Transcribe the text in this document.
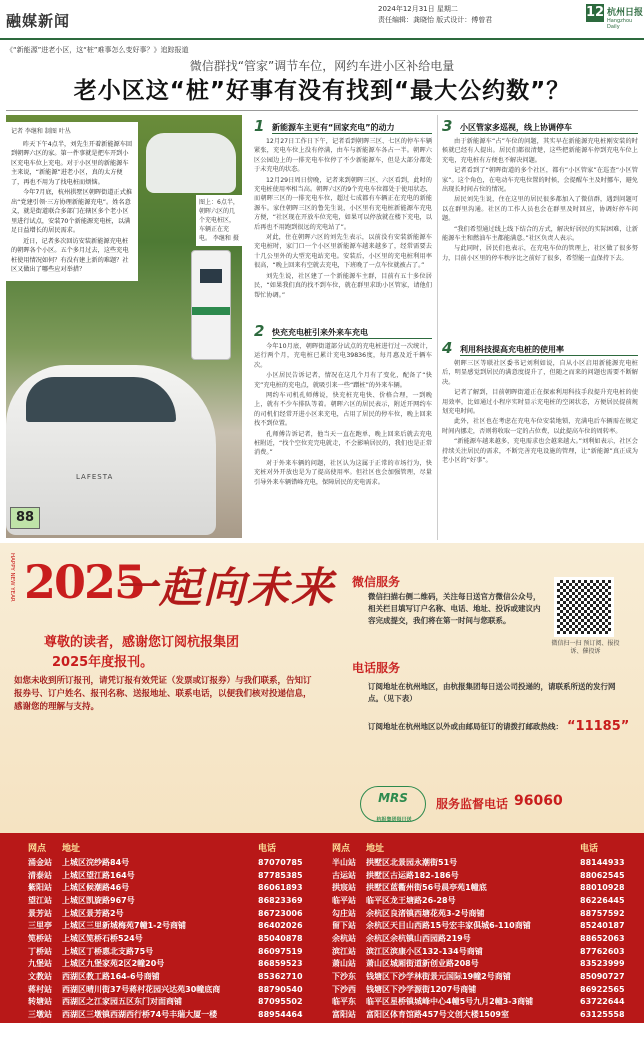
融媒新闻
2024年12月31日 星期二
责任编辑：龚晓怡 版式设计：傅曾君	12 杭州日报
Hangzhou Daily
《“新能源”进老小区，这“桩”难事怎么变好事？》追踪报道
微信群找“管家”调节车位，网约车进小区补给电量
老小区这“桩”好事有没有找到“最大公约数”？
LAFESTA
88
记者 李继和 制图 叶丛

昨天下午4点半，刘先生开着新能源车回到朝晖六区的家。第一件事就是把车开到小区充电车位上充电。对于小区里的新能源车主来说，“新能源”进老小区，真的太方便了，再也不用为了找电桩而烦恼。

今年7月底，杭州拱墅区朝晖街道正式推出“党建引领·三方协理新能源充电”。姓名意义，就是街道联合多部门在辖区多个老小区里进行试点，安装70个新能源充电桩，以满足日益增长的居民需求。

近日，记者多次回访安装新能源充电桩的朝晖各个小区。五个多月过去，这些充电桩使用情况如何？有没有建上新的难题？社区又做出了哪些应对举措？

图上：6点半，朝晖六区的几个充电桩区，车辆正在充电。 李继和 摄
1 新能源车主更有“回家充电”的动力

12月27日工作日下午，记者看到朝晖三区、七区的停车车辆紧张，充电车位上没有停满，由车与新能源车各占一半。朝晖六区公园边上的一排充电车位停了不少新能源车，但是大部分都处于未充电的状态。

12月29日周日傍晚，记者来到朝晖三区、六区看到，此时的充电桩使用率相当高。朝晖六区的9个充电车位都处于使用状态，而朝晖三区的一排充电车位，超过七成都有车辆正在充电的新能源车。家住朝晖三区的鲁先生说，小区里有充电桩新能源车充电方便，“社区现在开放车位充电，如果可以停放就在楼下充电，以后再也不用跑到很远的充电站了”。

对此，住在朝晖六区的刘先生表示，以前没有安装新能源车充电桩时，家门口一个小区里新能源车越来越多了，经常需要去十几公里外的大型充电站充电。安装后，小区里的充电桩利用率很高，“晚上回来有空就去充电，下班晚了一点车位就被占了。”

刘先生说，社区建了一个新能源车主群，目前有五十多位居民，“如果我们真的找不到车位，就在群里求助小区管家，请他们帮忙协调。”

2 快充充电桩引来外来车充电

今年10月底，朝晖街道部分试点的充电桩进行过一次统计，运行两个月，充电桩已累计充电39836度，每月惠及近千辆车次。

小区居民告诉记者，情况在这几个月有了变化，配备了“快充”充电桩的充电点，就吸引来一些“蹭桩”的外来车辆。

网约车司机孔师傅说，快充桩充电快、价格合理，一到晚上，就有不少车排队等着。朝晖六区的居民表示，附近开网约车的司机们经常开进小区来充电，占用了居民的停车位，晚上回来找不到位置。

孔师傅告诉记者，他当天一直在跑单，晚上回来后就去充电桩附近，“找个空位充完电就走，不会影响居民的，我们也是正常消费。”

对于外来车辆的问题，社区认为这属于正常的市场行为，快充桩对外开放也是为了提高使用率。但社区也会加强管理，尽量引导外来车辆错峰充电，保障居民的充电需求。

3 小区管家多巡视，线上协调停车

由于新能源车“占”车位的问题，其实早在新能源充电桩刚安装的时候就已经有人提出。居民们都很清楚，这些把新能源车停到充电车位上充电，充电桩有方便也不解决问题。

记者看到了“朝晖街道的多个社区，都有“小区管家”在巡查“小区管家”。这个角色，在电动车充电位置的时候，会提醒车主及时挪车，避免出现长时间占位的情况。

居民刘先生说，住在这里的居民很多都加入了微信群，遇到问题可以在群里沟通。社区的工作人员也会在群里及时回应，协调好停车问题。

“我们希望通过线上线下结合的方式，解决好居民的实际困难，让新能源车主和燃油车主都能满意。”社区负责人表示。

与此同时，居民们也表示，在充电车位的管理上，社区做了很多努力，目前小区里的停车秩序比之前好了很多，希望能一直保持下去。

4 利用科技提高充电桩的使用率

朝晖三区等联社区委书记刘利如说，自从小区启用新能源充电桩后，明显感觉到居民的满意度提升了，但随之而来的问题也需要不断解决。

记者了解到，目前朝晖街道正在探索利用科技手段提升充电桩的使用效率，比如通过小程序实时显示充电桩的空闲状态，方便居民提前规划充电时间。

此外，社区也在考虑在充电车位安装地锁，充满电后车辆需在规定时间内挪走，否则将收取一定的占位费，以此提高车位的周转率。

“新能源车越来越多，充电需求也会越来越大。”刘利如表示，社区会持续关注居民的需求，不断完善充电设施的管理，让“新能源”真正成为老小区的“好事”。

HAPPY NEW YEAR 2025
一起向未来
尊敬的读者，感谢您订阅杭报集团
2025年度报刊。
如您未收到所订报刊，请凭订报有效凭证（发票或订报券）与我们联系，告知订报券号、订户姓名、报刊名称、送报地址、联系电话，以便我们核对投递信息，感谢您的理解与支持。
微信服务
微信扫描右侧二维码，关注每日送官方微信公众号，相关栏目填写订户名称、电话、地址、投诉或建议内容完成提交，我们将在第一时间与您联系。
微信扫一扫 预订阅、报投诉、催投诉
电话服务
订阅地址在杭州地区，由杭报集团每日送公司投递的，请联系所送的发行网点。（见下表）
订阅地址在杭州地区以外或由邮局征订的请拨打邮政热线： “11185”
MRS
杭报集团每日送
服务监督电话 96060
网点	地址	电话
涌金站	上城区浣纱路84号	87070785
清泰站	上城区望江路164号	87785385
紫阳站	上城区候潮路46号	86061893
望江站	上城区凯旋路967号	86823369
景芳站	上城区景芳路2号	86723006
三里亭	上城区三里新城梅苑7幢1-2号商铺	86402026
笕桥站	上城区笕桥石桥524号	85040878
丁桥站	上城区丁桥惠北支路75号	86097519
九堡站	上城区九堡家苑2区2幢20号	86859523
文教站	西湖区教工路164-6号商铺	85362710
蒋村站	西湖区晴川街37号蒋村花园兴达苑30幢底商	88790540
转塘站	西湖区之江家园五区东门对面商铺	87095502
三墩站	西湖区三墩镇西湖西行桥74号丰瑞大厦一楼	88954464
潮鸣站	拱墅区东园街33号	85181840
朝晖站	拱墅区新市街53号朝晖四区46幢底	85131890
三塘站	拱墅区白石巷40号三塘兰苑10幢底	85787500
网点	地址	电话
半山站	拱墅区北景园永潮街51号	88144933
古运站	拱墅区古运路182-186号	88062545
拱宸站	拱墅区蓝衢州街56号晨亭苑1幢底	88010928
临平站	临平区龙王塘路26-28号	86226445
勾庄站	余杭区良渚镇西塘花苑3-2号商铺	88757592
留下站	余杭区天目山西路15号宏丰家俱城6-110商铺	85240187
余杭站	余杭区余杭镇山西园路219号	88652063
滨江站	滨江区滨康小区132-134号商铺	87762603
萧山站	萧山区城厢街道新创业路208号	83523999
下沙东	钱塘区下沙学林街景元国际19幢2号商铺	85090727
下沙西	钱塘区下沙学源街1207号商铺	86922565
临平东	临平区星桥镇城峰中心4幢5号九月2幢3-3商铺	63722644
富阳站	富阳区体育馆路457号文创大楼1509室	63125558
桐庐站	桐庐县中杭路342号	64213420
建德站	建德市新安江镇江滨路52号	64784675
淳安站	淳安县千岛湖镇人民路38-9号	64813750
